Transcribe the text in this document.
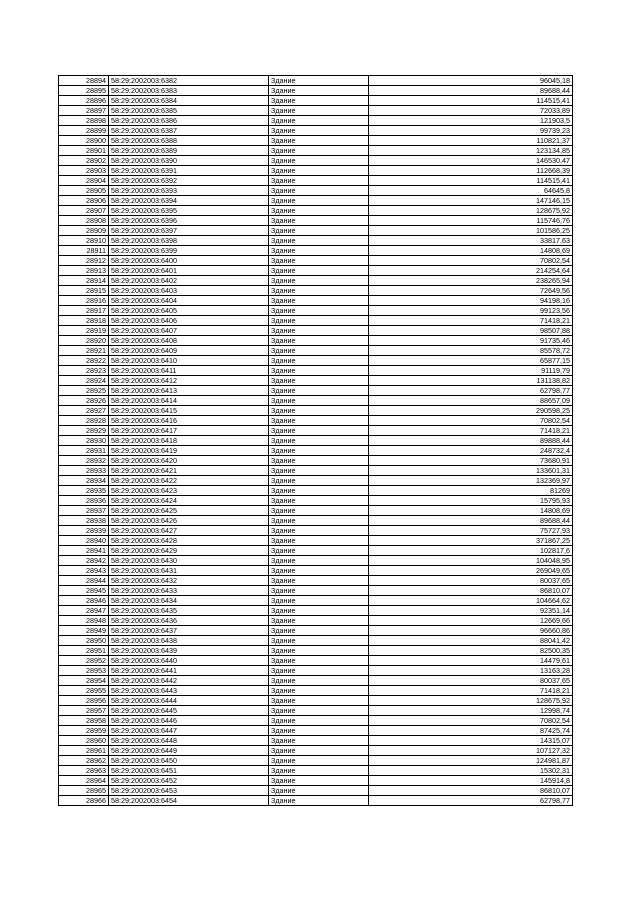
28894	58:29:2002003:6382	Здание	96045,18
28895	58:29:2002003:6383	Здание	89688,44
28896	58:29:2002003:6384	Здание	114515,41
28897	58:29:2002003:6385	Здание	72033,89
28898	58:29:2002003:6386	Здание	121903,5
28899	58:29:2002003:6387	Здание	99739,23
28900	58:29:2002003:6388	Здание	110821,37
28901	58:29:2002003:6389	Здание	123134,85
28902	58:29:2002003:6390	Здание	146530,47
28903	58:29:2002003:6391	Здание	112668,39
28904	58:29:2002003:6392	Здание	114515,41
28905	58:29:2002003:6393	Здание	64645,8
28906	58:29:2002003:6394	Здание	147146,15
28907	58:29:2002003:6395	Здание	128675,92
28908	58:29:2002003:6396	Здание	115746,76
28909	58:29:2002003:6397	Здание	101586,25
28910	58:29:2002003:6398	Здание	33817,63
28911	58:29:2002003:6399	Здание	14808,69
28912	58:29:2002003:6400	Здание	70802,54
28913	58:29:2002003:6401	Здание	214254,64
28914	58:29:2002003:6402	Здание	238265,94
28915	58:29:2002003:6403	Здание	72649,56
28916	58:29:2002003:6404	Здание	94198,16
28917	58:29:2002003:6405	Здание	99123,56
28918	58:29:2002003:6406	Здание	71418,21
28919	58:29:2002003:6407	Здание	98507,88
28920	58:29:2002003:6408	Здание	91735,46
28921	58:29:2002003:6409	Здание	85578,72
28922	58:29:2002003:6410	Здание	65877,15
28923	58:29:2002003:6411	Здание	91119,79
28924	58:29:2002003:6412	Здание	131138,82
28925	58:29:2002003:6413	Здание	62798,77
28926	58:29:2002003:6414	Здание	88657,09
28927	58:29:2002003:6415	Здание	290598,25
28928	58:29:2002003:6416	Здание	70802,54
28929	58:29:2002003:6417	Здание	71418,21
28930	58:29:2002003:6418	Здание	89888,44
28931	58:29:2002003:6419	Здание	248732,4
28932	58:29:2002003:6420	Здание	73680,91
28933	58:29:2002003:6421	Здание	133601,31
28934	58:29:2002003:6422	Здание	132369,97
28935	58:29:2002003:6423	Здание	81269
28936	58:29:2002003:6424	Здание	15795,93
28937	58:29:2002003:6425	Здание	14808,69
28938	58:29:2002003:6426	Здание	89688,44
28939	58:29:2002003:6427	Здание	75727,93
28940	58:29:2002003:6428	Здание	371867,25
28941	58:29:2002003:6429	Здание	102817,6
28942	58:29:2002003:6430	Здание	104048,95
28943	58:29:2002003:6431	Здание	269049,65
28944	58:29:2002003:6432	Здание	80037,65
28945	58:29:2002003:6433	Здание	86810,07
28946	58:29:2002003:6434	Здание	104664,62
28947	58:29:2002003:6435	Здание	92351,14
28948	58:29:2002003:6436	Здание	12669,66
28949	58:29:2002003:6437	Здание	96660,86
28950	58:29:2002003:6438	Здание	88041,42
28951	58:29:2002003:6439	Здание	82500,35
28952	58:29:2002003:6440	Здание	14479,61
28953	58:29:2002003:6441	Здание	13163,28
28954	58:29:2002003:6442	Здание	80037,65
28955	58:29:2002003:6443	Здание	71418,21
28956	58:29:2002003:6444	Здание	128675,92
28957	58:29:2002003:6445	Здание	12998,74
28958	58:29:2002003:6446	Здание	70802,54
28959	58:29:2002003:6447	Здание	87425,74
28960	58:29:2002003:6448	Здание	14315,07
28961	58:29:2002003:6449	Здание	107127,32
28962	58:29:2002003:6450	Здание	124981,87
28963	58:29:2002003:6451	Здание	15302,31
28964	58:29:2002003:6452	Здание	145914,8
28965	58:29:2002003:6453	Здание	86810,07
28966	58:29:2002003:6454	Здание	62798,77
